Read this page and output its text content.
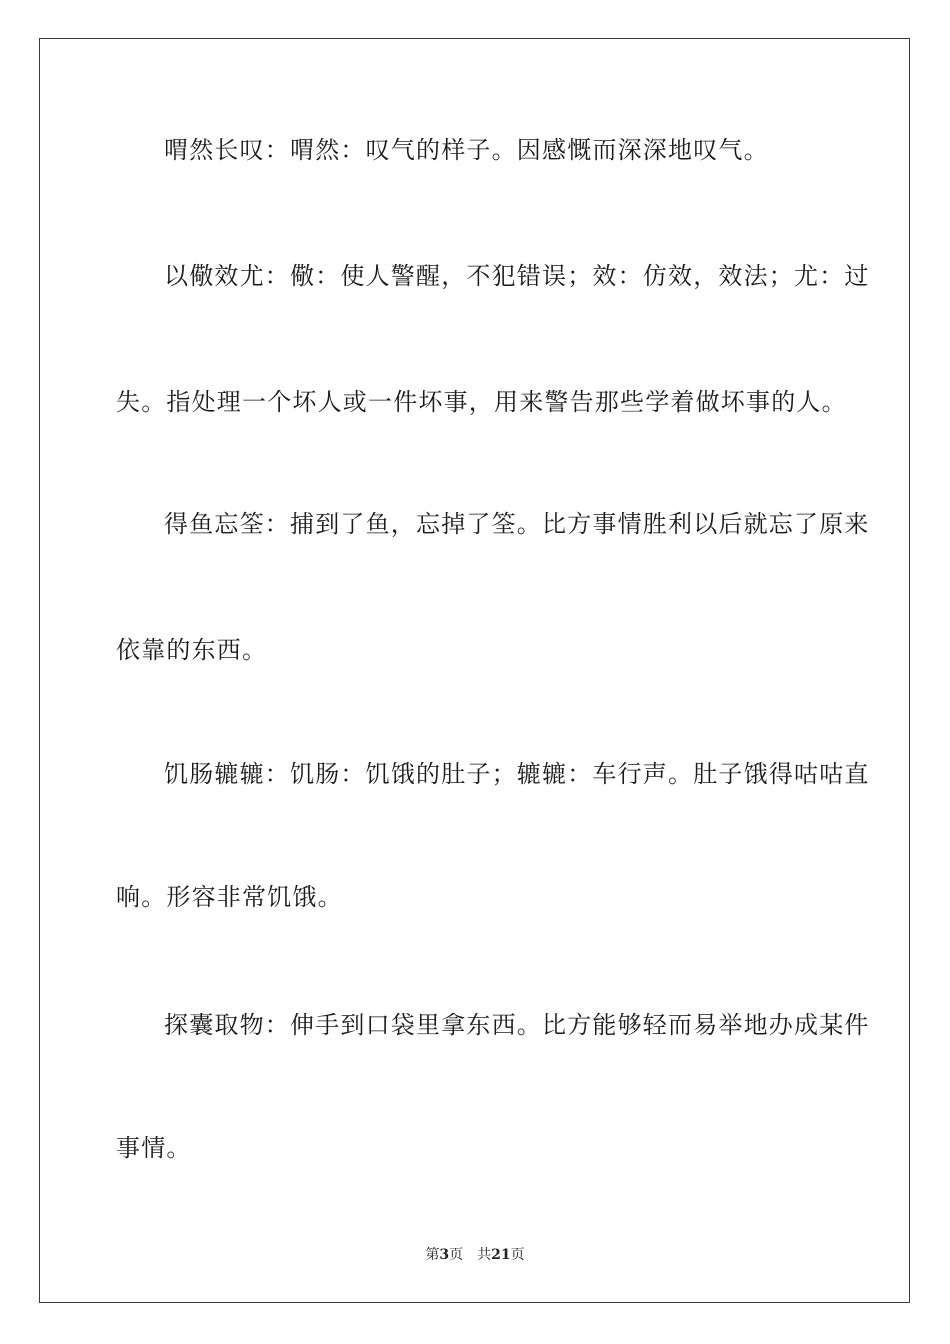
喟然长叹：喟然：叹气的样子。因感慨而深深地叹气。
以儆效尤：儆：使人警醒，不犯错误；效：仿效，效法；尤：过
失。指处理一个坏人或一件坏事，用来警告那些学着做坏事的人。
得鱼忘筌：捕到了鱼，忘掉了筌。比方事情胜利以后就忘了原来
依靠的东西。
饥肠辘辘：饥肠：饥饿的肚子；辘辘：车行声。肚子饿得咕咕直
响。形容非常饥饿。
探囊取物：伸手到口袋里拿东西。比方能够轻而易举地办成某件
事情。
第3页 共21页
